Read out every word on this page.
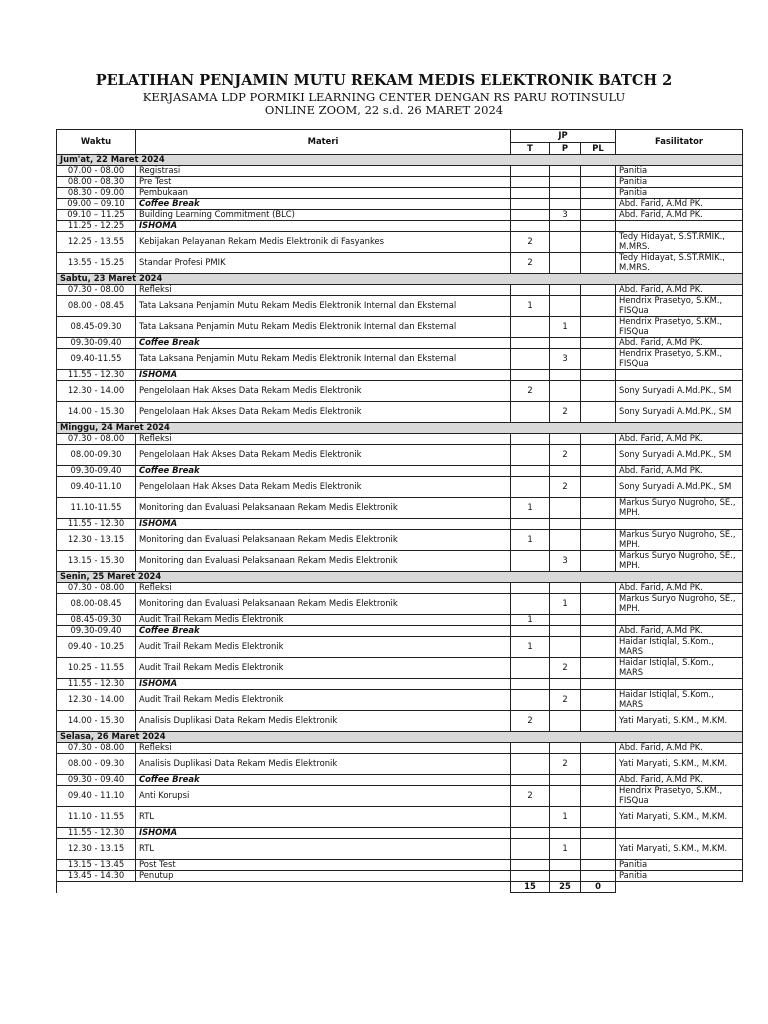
PELATIHAN PENJAMIN MUTU REKAM MEDIS ELEKTRONIK BATCH 2
KERJASAMA LDP PORMIKI LEARNING CENTER DENGAN RS PARU ROTINSULU
ONLINE ZOOM, 22 s.d. 26 MARET 2024
Waktu	Materi	JP			Fasilitator
		T	P	PL	
Jum'at, 22 Maret 2024					
07.00 - 08.00	Registrasi				Panitia
08.00 - 08.30	Pre Test				Panitia
08.30 - 09.00	Pembukaan				Panitia
09.00 – 09.10	Coffee Break				Abd. Farid, A.Md PK.
09.10 – 11.25	Building Learning Commitment (BLC)		3		Abd. Farid, A.Md PK.
11.25 - 12.25	ISHOMA				
12.25 - 13.55	Kebijakan Pelayanan Rekam Medis Elektronik di Fasyankes	2			Tedy Hidayat, S.ST.RMIK., M.MRS.
13.55 - 15.25	Standar Profesi PMIK	2			Tedy Hidayat, S.ST.RMIK., M.MRS.
Sabtu, 23 Maret 2024					
07.30 - 08.00	Refleksi				Abd. Farid, A.Md PK.
08.00 - 08.45	Tata Laksana Penjamin Mutu Rekam Medis Elektronik Internal dan Eksternal	1			Hendrix Prasetyo, S.KM., FISQua
08.45-09.30	Tata Laksana Penjamin Mutu Rekam Medis Elektronik Internal dan Eksternal		1		Hendrix Prasetyo, S.KM., FISQua
09.30-09.40	Coffee Break				Abd. Farid, A.Md PK.
09.40-11.55	Tata Laksana Penjamin Mutu Rekam Medis Elektronik Internal dan Eksternal		3		Hendrix Prasetyo, S.KM., FISQua
11.55 - 12.30	ISHOMA				
12.30 - 14.00	Pengelolaan Hak Akses Data Rekam Medis Elektronik	2			Sony Suryadi A.Md.PK., SM
14.00 - 15.30	Pengelolaan Hak Akses Data Rekam Medis Elektronik		2		Sony Suryadi A.Md.PK., SM
Minggu, 24 Maret 2024					
07.30 - 08.00	Refleksi				Abd. Farid, A.Md PK.
08.00-09.30	Pengelolaan Hak Akses Data Rekam Medis Elektronik		2		Sony Suryadi A.Md.PK., SM
09.30-09.40	Coffee Break				Abd. Farid, A.Md PK.
09.40-11.10	Pengelolaan Hak Akses Data Rekam Medis Elektronik		2		Sony Suryadi A.Md.PK., SM
11.10-11.55	Monitoring dan Evaluasi Pelaksanaan Rekam Medis Elektronik	1			Markus Suryo Nugroho, SE., MPH.
11.55 - 12.30	ISHOMA				
12.30 - 13.15	Monitoring dan Evaluasi Pelaksanaan Rekam Medis Elektronik	1			Markus Suryo Nugroho, SE., MPH.
13.15 - 15.30	Monitoring dan Evaluasi Pelaksanaan Rekam Medis Elektronik		3		Markus Suryo Nugroho, SE., MPH.
Senin, 25 Maret 2024					
07.30 - 08.00	Refleksi				Abd. Farid, A.Md PK.
08.00-08.45	Monitoring dan Evaluasi Pelaksanaan Rekam Medis Elektronik		1		Markus Suryo Nugroho, SE., MPH.
08.45-09.30	Audit Trail Rekam Medis Elektronik	1			
09.30-09.40	Coffee Break				Abd. Farid, A.Md PK.
09.40 - 10.25	Audit Trail Rekam Medis Elektronik	1			Haidar Istiqlal, S.Kom., MARS
10.25 - 11.55	Audit Trail Rekam Medis Elektronik		2		Haidar Istiqlal, S.Kom., MARS
11.55 - 12.30	ISHOMA				
12.30 - 14.00	Audit Trail Rekam Medis Elektronik		2		Haidar Istiqlal, S.Kom., MARS
14.00 - 15.30	Analisis Duplikasi Data Rekam Medis Elektronik	2			Yati Maryati, S.KM., M.KM.
Selasa, 26 Maret 2024					
07.30 - 08.00	Refleksi				Abd. Farid, A.Md PK.
08.00 - 09.30	Analisis Duplikasi Data Rekam Medis Elektronik		2		Yati Maryati, S.KM., M.KM.
09.30 - 09.40	Coffee Break				Abd. Farid, A.Md PK.
09.40 - 11.10	Anti Korupsi	2			Hendrix Prasetyo, S.KM., FISQua
11.10 - 11.55	RTL		1		Yati Maryati, S.KM., M.KM.
11.55 - 12.30	ISHOMA				
12.30 - 13.15	RTL		1		Yati Maryati, S.KM., M.KM.
13.15 - 13.45	Post Test				Panitia
13.45 - 14.30	Penutup				Panitia
		15	25	0	
